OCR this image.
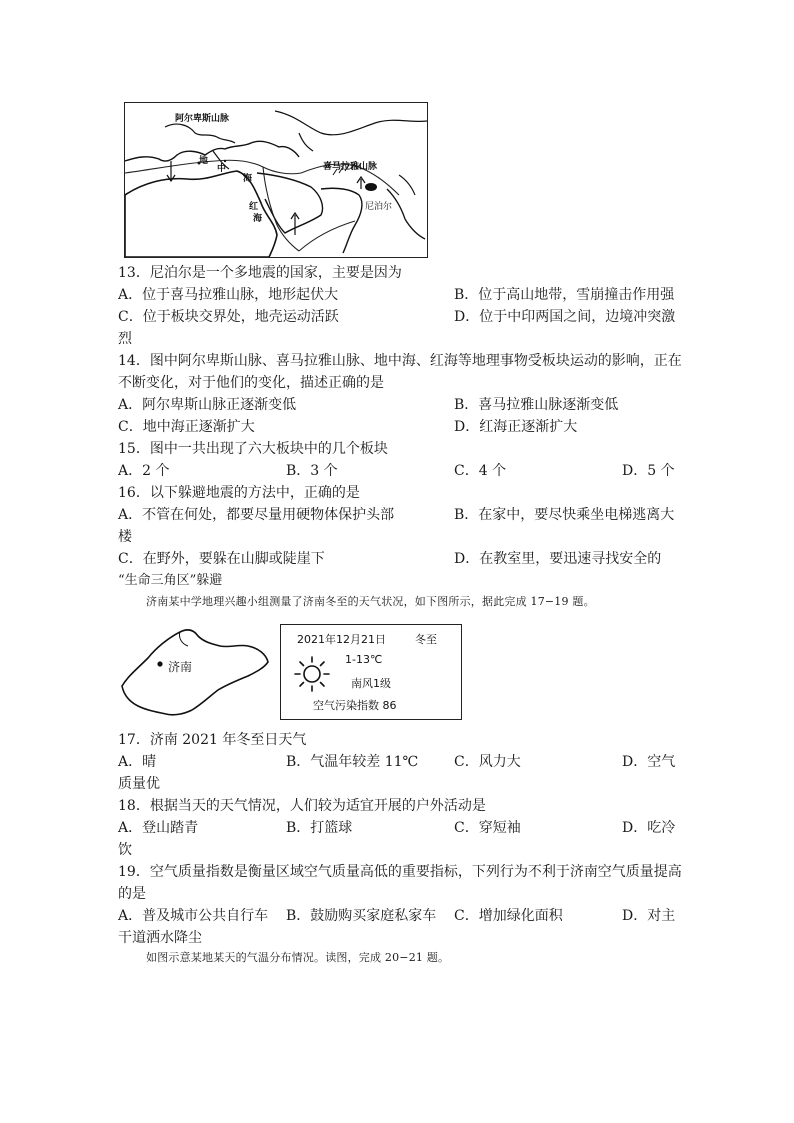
阿尔卑斯山脉
喜马拉雅山脉
地
中
海
红
海
尼泊尔
13．尼泊尔是一个多地震的国家，主要是因为
A．位于喜马拉雅山脉，地形起伏大	B．位于高山地带，雪崩撞击作用强
C．位于板块交界处，地壳运动活跃	D．位于中印两国之间，边境冲突激
烈
14．图中阿尔卑斯山脉、喜马拉雅山脉、地中海、红海等地理事物受板块运动的影响，正在
不断变化，对于他们的变化，描述正确的是
A．阿尔卑斯山脉正逐渐变低	B．喜马拉雅山脉逐渐变低
C．地中海正逐渐扩大	D．红海正逐渐扩大
15．图中一共出现了六大板块中的几个板块
A．2 个	B．3 个	C．4 个	D．5 个
16．以下躲避地震的方法中，正确的是
A．不管在何处，都要尽量用硬物体保护头部	B．在家中，要尽快乘坐电梯逃离大
楼
C．在野外，要躲在山脚或陡崖下	D．在教室里，要迅速寻找安全的
“生命三角区”躲避
济南某中学地理兴趣小组测量了济南冬至的天气状况，如下图所示，据此完成 17−19 题。
济南
2021年12月21日	冬至
1-13℃
南风1级
空气污染指数 86
17．济南 2021 年冬至日天气
A．晴	B．气温年较差 11℃	C．风力大	D．空气
质量优
18．根据当天的天气情况，人们较为适宜开展的户外活动是
A．登山踏青	B．打篮球	C．穿短袖	D．吃冷
饮
19．空气质量指数是衡量区域空气质量高低的重要指标，下列行为不利于济南空气质量提高
的是
A．普及城市公共自行车 B．鼓励购买家庭私家车 C．增加绿化面积	D．对主
干道洒水降尘
如图示意某地某天的气温分布情况。读图，完成 20−21 题。
